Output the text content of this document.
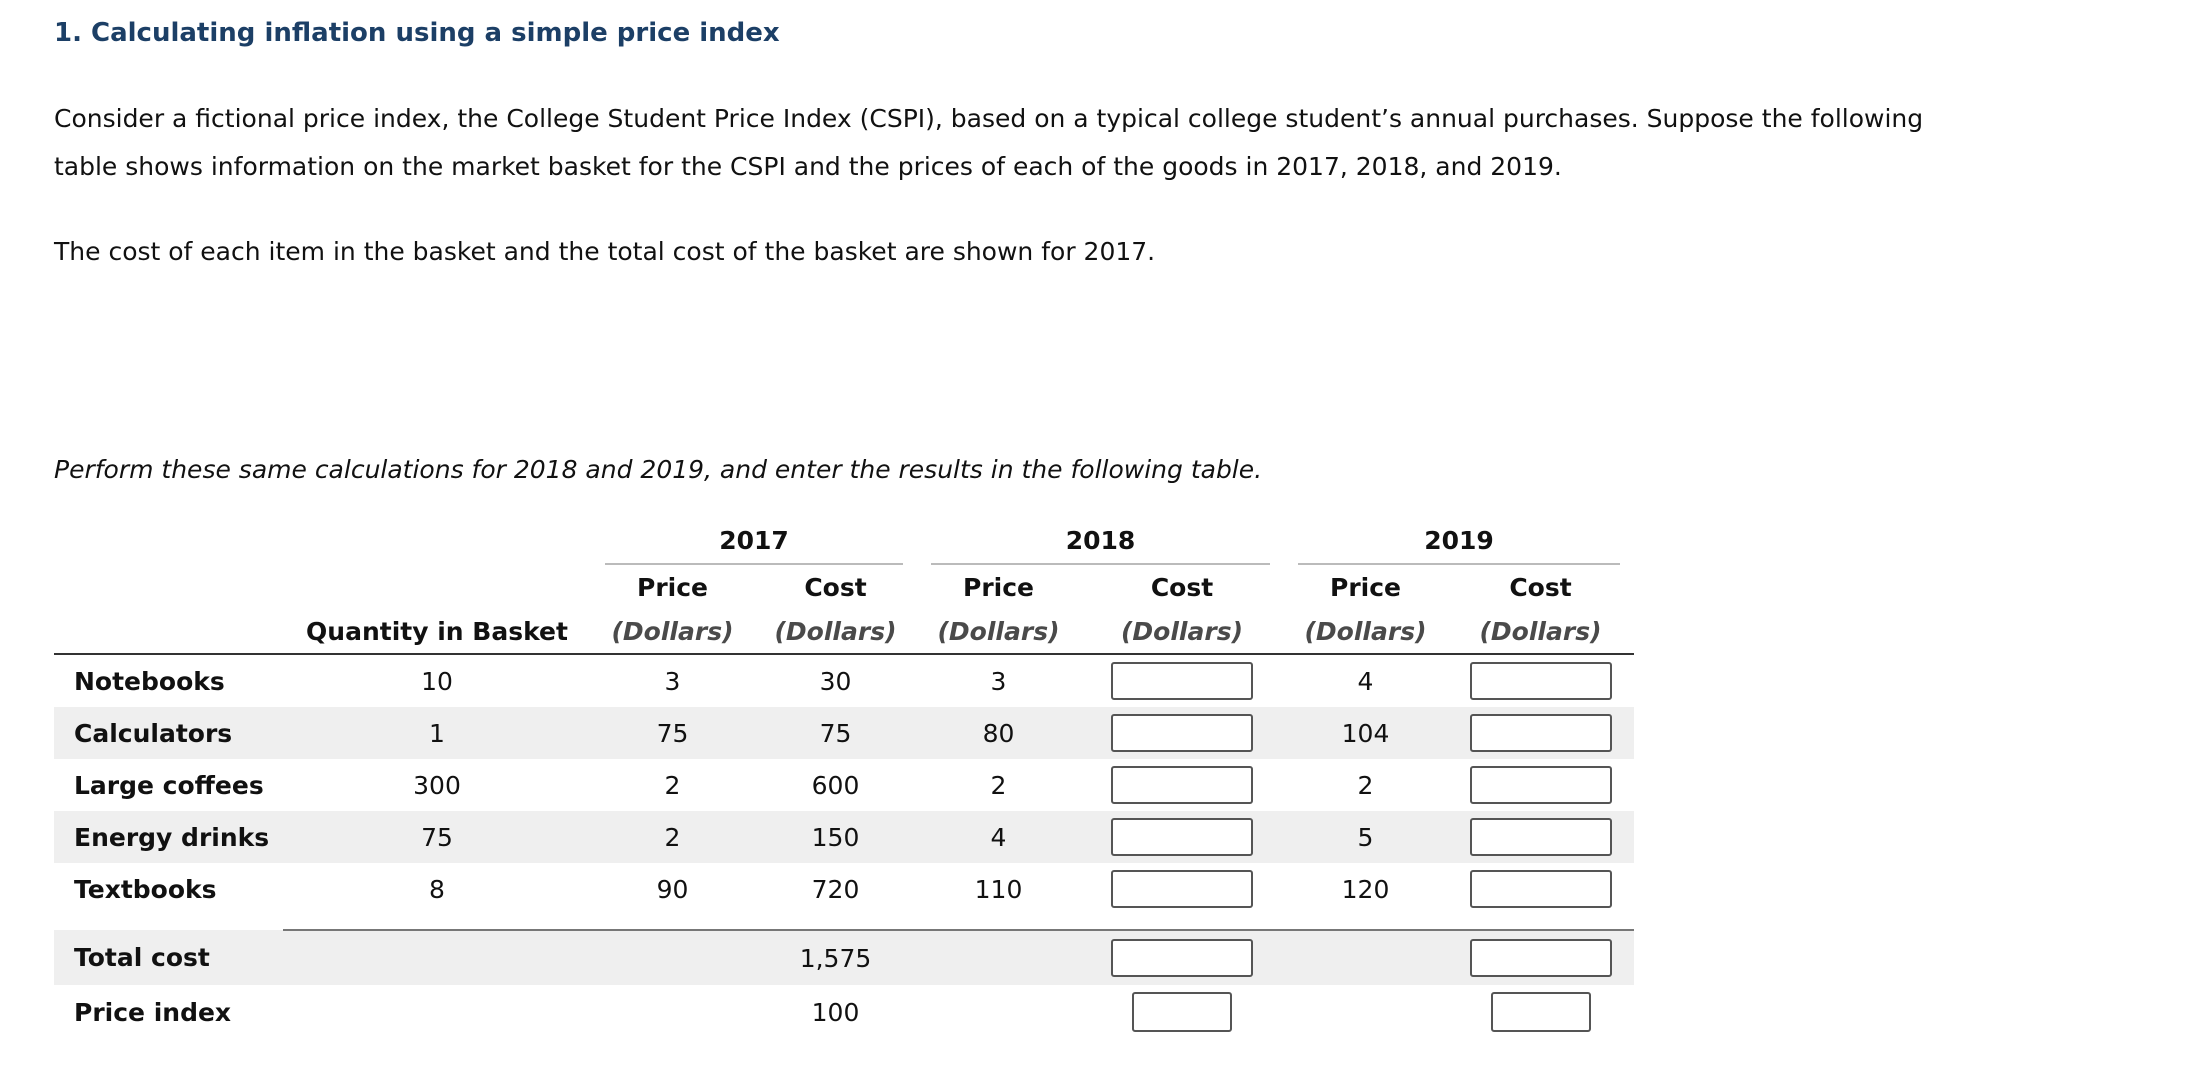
1. Calculating inflation using a simple price index

Consider a fictional price index, the College Student Price Index (CSPI), based on a typical college student’s annual purchases. Suppose the following table shows information on the market basket for the CSPI and the prices of each of the goods in 2017, 2018, and 2019.

The cost of each item in the basket and the total cost of the basket are shown for 2017.

Perform these same calculations for 2018 and 2019, and enter the results in the following table.

		2017		2018		2019	

		Price	Cost	Price	Cost	Price	Cost
	Quantity in Basket	(Dollars)	(Dollars)	(Dollars)	(Dollars)	(Dollars)	(Dollars)
Notebooks	10	3	30	3		4	
Calculators	1	75	75	80		104	
Large coffees	300	2	600	2		2	
Energy drinks	75	2	150	4		5	
Textbooks	8	90	720	110		120	

Total cost			1,575				
Price index			100				
